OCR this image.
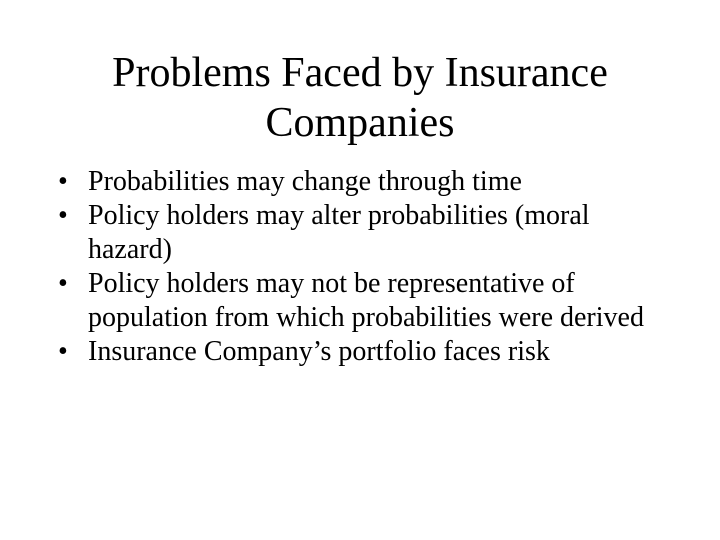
Problems Faced by Insurance
Companies
• Probabilities may change through time
• Policy holders may alter probabilities (moral hazard)
• Policy holders may not be representative of population from which probabilities were derived
• Insurance Company’s portfolio faces risk
